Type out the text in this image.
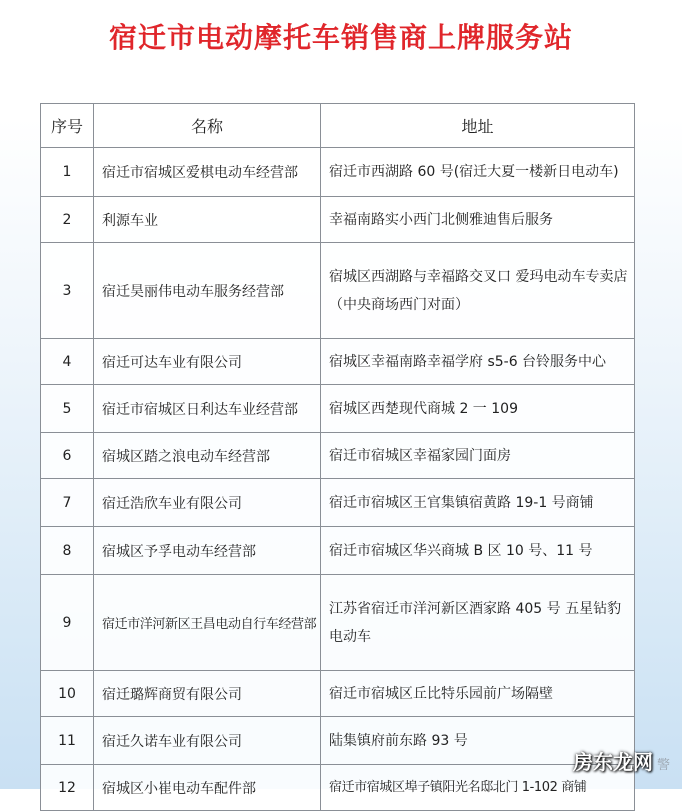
宿迁市电动摩托车销售商上牌服务站
序号	名称	地址
1	宿迁市宿城区爱棋电动车经营部	宿迁市西湖路 60 号(宿迁大夏一楼新日电动车)
2	利源车业	幸福南路实小西门北侧雅迪售后服务
3	宿迁昊丽伟电动车服务经营部	宿城区西湖路与幸福路交叉口 爱玛电动车专卖店（中央商场西门对面）
4	宿迁可达车业有限公司	宿城区幸福南路幸福学府 s5-6 台铃服务中心
5	宿迁市宿城区日利达车业经营部	宿城区西楚现代商城 2 一 109
6	宿城区踏之浪电动车经营部	宿迁市宿城区幸福家园门面房
7	宿迁浩欣车业有限公司	宿迁市宿城区王官集镇宿黄路 19-1 号商铺
8	宿城区予孚电动车经营部	宿迁市宿城区华兴商城 B 区 10 号、11 号
9	宿迁市洋河新区王昌电动自行车经营部	江苏省宿迁市洋河新区酒家路 405 号 五星钻豹电动车
10	宿迁璐辉商贸有限公司	宿迁市宿城区丘比特乐园前广场隔壁
11	宿迁久诺车业有限公司	陆集镇府前东路 93 号
12	宿城区小崔电动车配件部	宿迁市宿城区埠子镇阳光名邸北门 1-102 商铺
房东龙网 警
